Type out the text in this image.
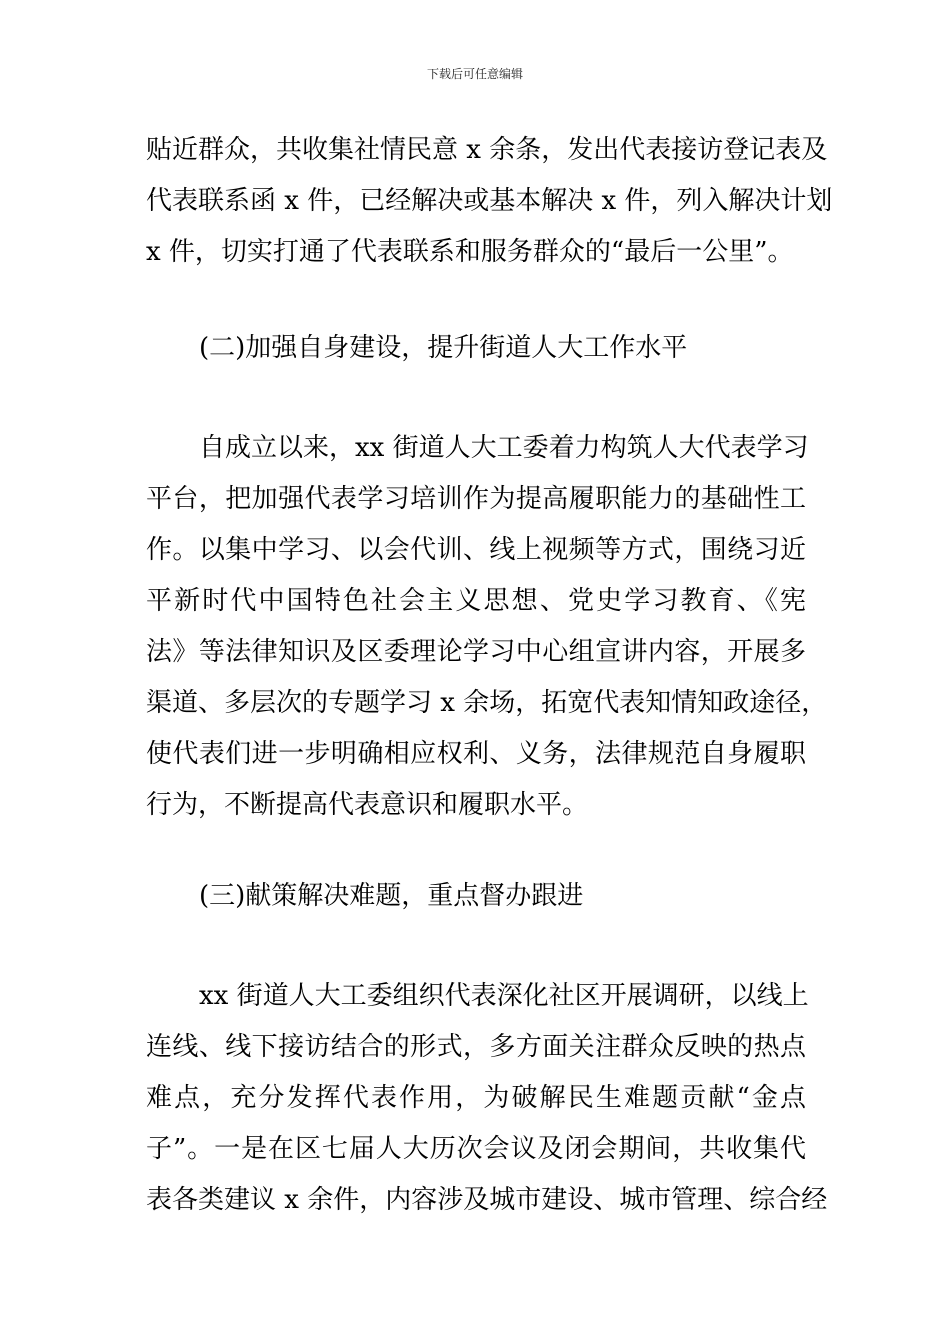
下载后可任意编辑
贴近群众，共收集社情民意 x 余条，发出代表接访登记表及
代表联系函 x 件，已经解决或基本解决 x 件，列入解决计划
x 件，切实打通了代表联系和服务群众的“最后一公里”。
(二)加强自身建设，提升街道人大工作水平
自成立以来，xx 街道人大工委着力构筑人大代表学习
平台，把加强代表学习培训作为提高履职能力的基础性工
作。以集中学习、以会代训、线上视频等方式，围绕习近
平新时代中国特色社会主义思想、党史学习教育、《宪
法》等法律知识及区委理论学习中心组宣讲内容，开展多
渠道、多层次的专题学习 x 余场，拓宽代表知情知政途径，
使代表们进一步明确相应权利、义务，法律规范自身履职
行为，不断提高代表意识和履职水平。
(三)献策解决难题，重点督办跟进
xx 街道人大工委组织代表深化社区开展调研，以线上
连线、线下接访结合的形式，多方面关注群众反映的热点
难点，充分发挥代表作用，为破解民生难题贡献“金点
子”。一是在区七届人大历次会议及闭会期间，共收集代
表各类建议 x 余件，内容涉及城市建设、城市管理、综合经
